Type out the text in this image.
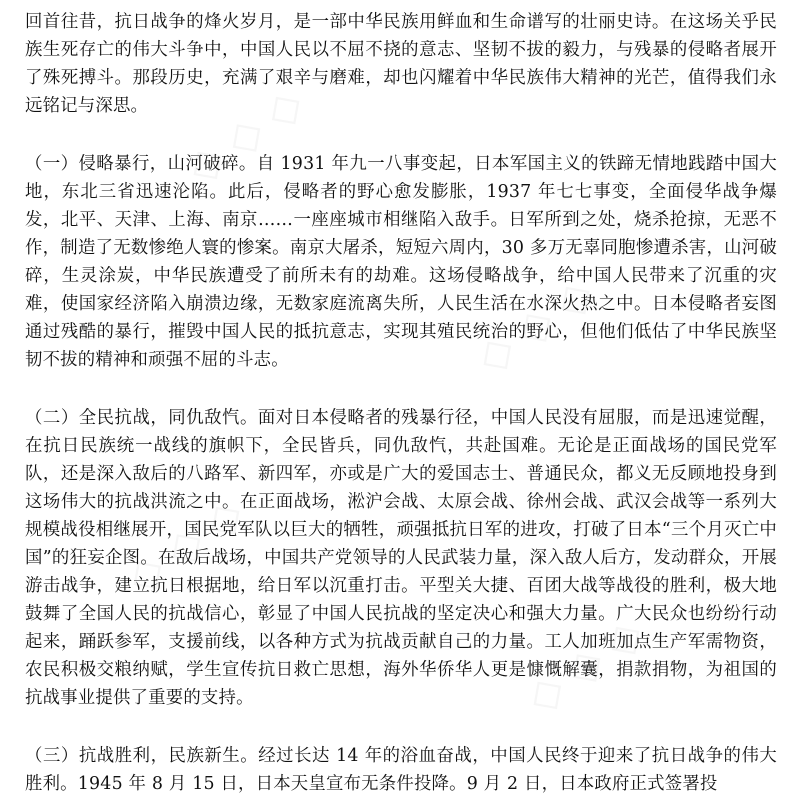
回首往昔，抗日战争的烽火岁月，是一部中华民族用鲜血和生命谱写的壮丽史诗。在这场关乎民族生死存亡的伟大斗争中，中国人民以不屈不挠的意志、坚韧不拔的毅力，与残暴的侵略者展开了殊死搏斗。那段历史，充满了艰辛与磨难，却也闪耀着中华民族伟大精神的光芒，值得我们永远铭记与深思。

（一）侵略暴行，山河破碎。自 1931 年九一八事变起，日本军国主义的铁蹄无情地践踏中国大地，东北三省迅速沦陷。此后，侵略者的野心愈发膨胀，1937 年七七事变，全面侵华战争爆发，北平、天津、上海、南京……一座座城市相继陷入敌手。日军所到之处，烧杀抢掠，无恶不作，制造了无数惨绝人寰的惨案。南京大屠杀，短短六周内，30 多万无辜同胞惨遭杀害，山河破碎，生灵涂炭，中华民族遭受了前所未有的劫难。这场侵略战争，给中国人民带来了沉重的灾难，使国家经济陷入崩溃边缘，无数家庭流离失所，人民生活在水深火热之中。日本侵略者妄图通过残酷的暴行，摧毁中国人民的抵抗意志，实现其殖民统治的野心，但他们低估了中华民族坚韧不拔的精神和顽强不屈的斗志。

（二）全民抗战，同仇敌忾。面对日本侵略者的残暴行径，中国人民没有屈服，而是迅速觉醒，在抗日民族统一战线的旗帜下，全民皆兵，同仇敌忾，共赴国难。无论是正面战场的国民党军队，还是深入敌后的八路军、新四军，亦或是广大的爱国志士、普通民众，都义无反顾地投身到这场伟大的抗战洪流之中。在正面战场，淞沪会战、太原会战、徐州会战、武汉会战等一系列大规模战役相继展开，国民党军队以巨大的牺牲，顽强抵抗日军的进攻，打破了日本“三个月灭亡中国”的狂妄企图。在敌后战场，中国共产党领导的人民武装力量，深入敌人后方，发动群众，开展游击战争，建立抗日根据地，给日军以沉重打击。平型关大捷、百团大战等战役的胜利，极大地鼓舞了全国人民的抗战信心，彰显了中国人民抗战的坚定决心和强大力量。广大民众也纷纷行动起来，踊跃参军，支援前线，以各种方式为抗战贡献自己的力量。工人加班加点生产军需物资，农民积极交粮纳赋，学生宣传抗日救亡思想，海外华侨华人更是慷慨解囊，捐款捐物，为祖国的抗战事业提供了重要的支持。

（三）抗战胜利，民族新生。经过长达 14 年的浴血奋战，中国人民终于迎来了抗日战争的伟大胜利。1945 年 8 月 15 日，日本天皇宣布无条件投降。9 月 2 日，日本政府正式签署投
